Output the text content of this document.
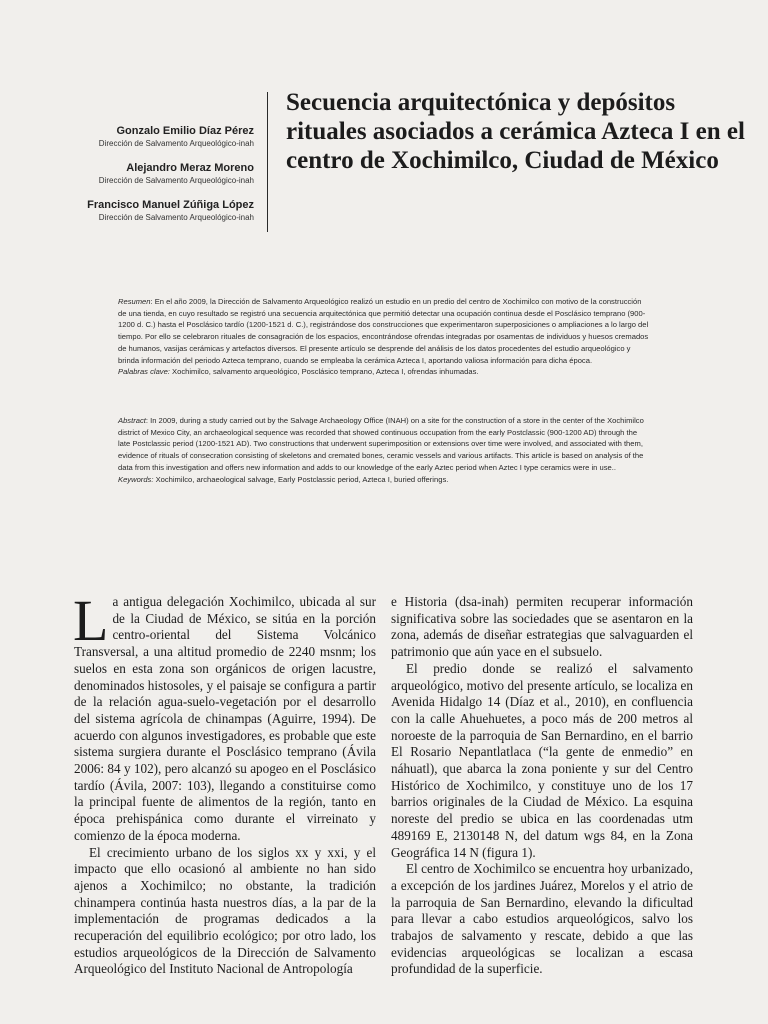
Gonzalo Emilio Díaz Pérez
Dirección de Salvamento Arqueológico-inah
Alejandro Meraz Moreno
Dirección de Salvamento Arqueológico-inah
Francisco Manuel Zúñiga López
Dirección de Salvamento Arqueológico-inah
Secuencia arquitectónica y depósitos rituales asociados a cerámica Azteca I en el centro de Xochimilco, Ciudad de México

Resumen: En el año 2009, la Dirección de Salvamento Arqueológico realizó un estudio en un predio del centro de Xochimilco con motivo de la construcción de una tienda, en cuyo resultado se registró una secuencia arquitectónica que permitió detectar una ocupación continua desde el Posclásico temprano (900-1200 d. C.) hasta el Posclásico tardío (1200-1521 d. C.), registrándose dos construcciones que experimentaron superposiciones o ampliaciones a lo largo del tiempo. Por ello se celebraron rituales de consagración de los espacios, encontrándose ofrendas integradas por osamentas de individuos y huesos cremados de humanos, vasijas cerámicas y artefactos diversos. El presente artículo se desprende del análisis de los datos procedentes del estudio arqueológico y brinda información del periodo Azteca temprano, cuando se empleaba la cerámica Azteca I, aportando valiosa información para dicha época.

Palabras clave: Xochimilco, salvamento arqueológico, Posclásico temprano, Azteca I, ofrendas inhumadas.

Abstract: In 2009, during a study carried out by the Salvage Archaeology Office (INAH) on a site for the construction of a store in the center of the Xochimilco district of Mexico City, an archaeological sequence was recorded that showed continuous occupation from the early Postclassic (900-1200 AD) through the late Postclassic period (1200-1521 AD). Two constructions that underwent superimposition or extensions over time were involved, and associated with them, evidence of rituals of consecration consisting of skeletons and cremated bones, ceramic vessels and various artifacts. This article is based on analysis of the data from this investigation and offers new information and adds to our knowledge of the early Aztec period when Aztec I type ceramics were in use..

Keywords: Xochimilco, archaeological salvage, Early Postclassic period, Azteca I, buried offerings.

La antigua delegación Xochimilco, ubicada al sur de la Ciudad de México, se sitúa en la porción centro-oriental del Sistema Volcánico Transversal, a una altitud promedio de 2240 msnm; los suelos en esta zona son orgánicos de origen lacustre, denominados histosoles, y el paisaje se configura a partir de la relación agua-suelo-vegetación por el desarrollo del sistema agrícola de chinampas (Aguirre, 1994). De acuerdo con algunos investigadores, es probable que este sistema surgiera durante el Posclásico temprano (Ávila 2006: 84 y 102), pero alcanzó su apogeo en el Posclásico tardío (Ávila, 2007: 103), llegando a constituirse como la principal fuente de alimentos de la región, tanto en época prehispánica como durante el virreinato y comienzo de la época moderna.

El crecimiento urbano de los siglos xx y xxi, y el impacto que ello ocasionó al ambiente no han sido ajenos a Xochimilco; no obstante, la tradición chinampera continúa hasta nuestros días, a la par de la implementación de programas dedicados a la recuperación del equilibrio ecológico; por otro lado, los estudios arqueológicos de la Dirección de Salvamento Arqueológico del Instituto Nacional de Antropología

e Historia (dsa-inah) permiten recuperar información significativa sobre las sociedades que se asentaron en la zona, además de diseñar estrategias que salvaguarden el patrimonio que aún yace en el subsuelo.

El predio donde se realizó el salvamento arqueológico, motivo del presente artículo, se localiza en Avenida Hidalgo 14 (Díaz et al., 2010), en confluencia con la calle Ahuehuetes, a poco más de 200 metros al noroeste de la parroquia de San Bernardino, en el barrio El Rosario Nepantlatlaca (“la gente de enmedio” en náhuatl), que abarca la zona poniente y sur del Centro Histórico de Xochimilco, y constituye uno de los 17 barrios originales de la Ciudad de México. La esquina noreste del predio se ubica en las coordenadas utm 489169 E, 2130148 N, del datum wgs 84, en la Zona Geográfica 14 N (figura 1).

El centro de Xochimilco se encuentra hoy urbanizado, a excepción de los jardines Juárez, Morelos y el atrio de la parroquia de San Bernardino, elevando la dificultad para llevar a cabo estudios arqueológicos, salvo los trabajos de salvamento y rescate, debido a que las evidencias arqueológicas se localizan a escasa profundidad de la superficie.
